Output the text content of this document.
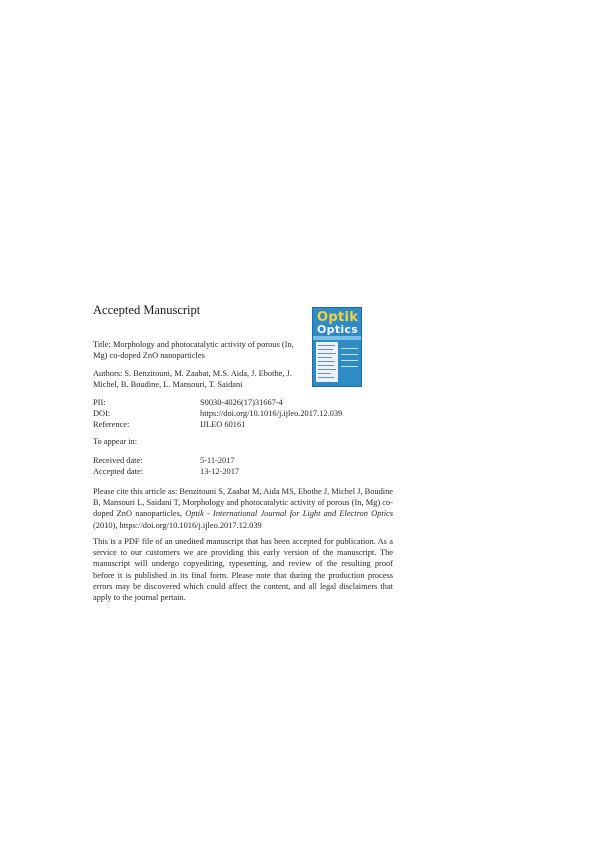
Accepted Manuscript	Optik
Optics
Title: Morphology and photocatalytic activity of porous (In, Mg) co-doped ZnO nanoparticles
Authors: S. Benzitouni, M. Zaabat, M.S. Aida, J. Ebothe, J. Michel, B. Boudine, L. Mansouri, T. Saidani
PII:	S0030-4026(17)31667-4
DOI:	https://doi.org/10.1016/j.ijleo.2017.12.039
Reference:	IJLEO 60161
To appear in:
Received date:	5-11-2017
Accepted date:	13-12-2017
Please cite this article as: Benzitouni S, Zaabat M, Aida MS, Ebothe J, Michel J, Boudine B, Mansouri L, Saidani T, Morphology and photocatalytic activity of porous (In, Mg) co-doped ZnO nanoparticles, Optik - International Journal for Light and Electron Optics (2010), https://doi.org/10.1016/j.ijleo.2017.12.039
This is a PDF file of an unedited manuscript that has been accepted for publication. As a service to our customers we are providing this early version of the manuscript. The manuscript will undergo copyediting, typesetting, and review of the resulting proof before it is published in its final form. Please note that during the production process errors may be discovered which could affect the content, and all legal disclaimers that apply to the journal pertain.
